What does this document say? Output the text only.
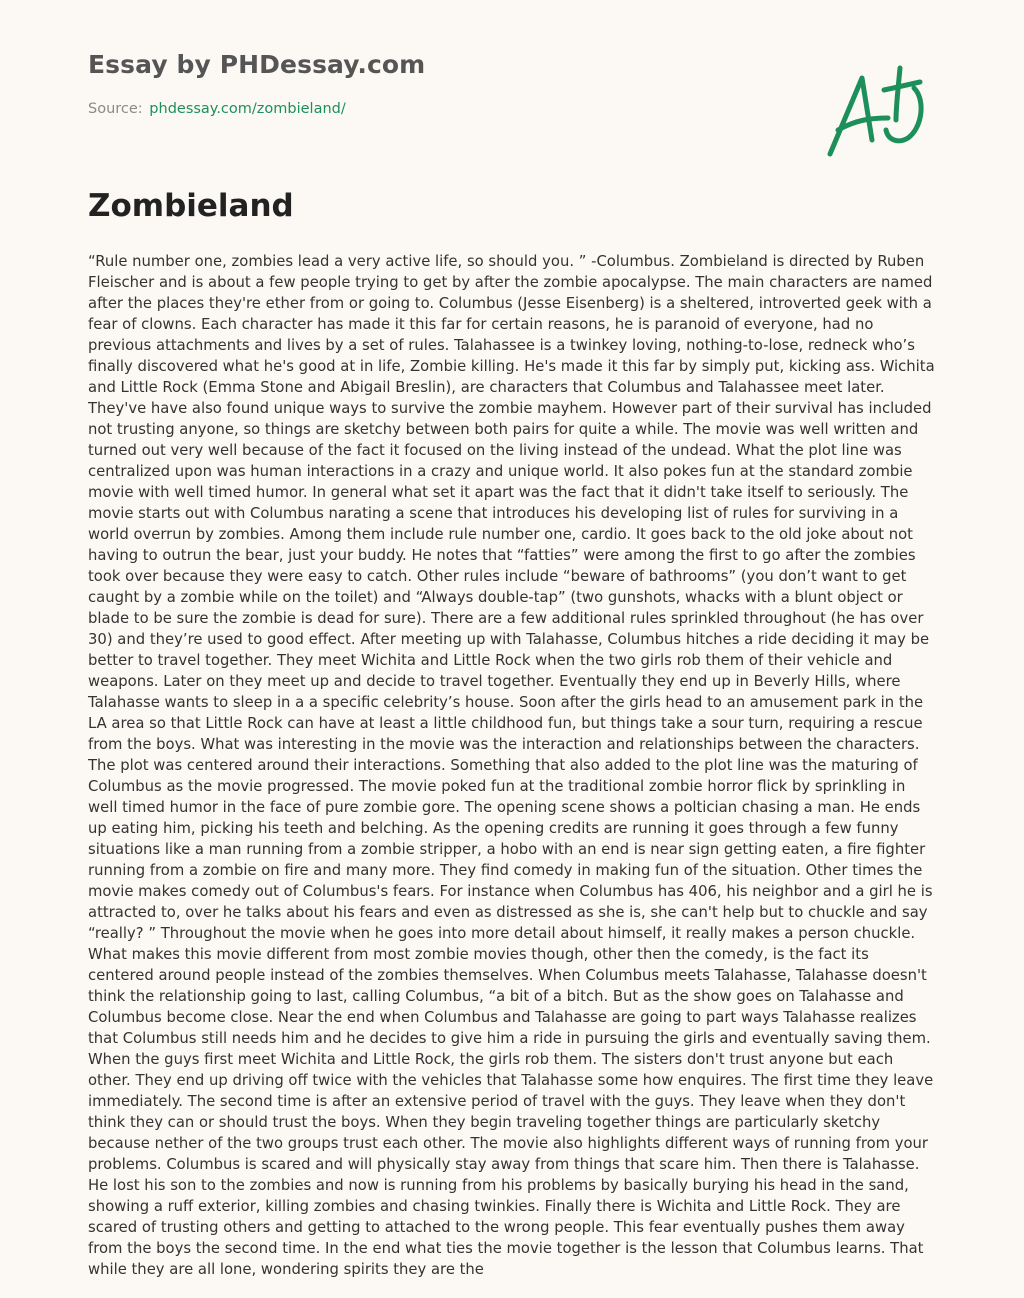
Essay by PHDessay.com
Source: phdessay.com/zombieland/
Zombieland

“Rule number one, zombies lead a very active life, so should you. ” -Columbus. Zombieland is directed by Ruben Fleischer and is about a few people trying to get by after the zombie apocalypse. The main characters are named after the places they're ether from or going to. Columbus (Jesse Eisenberg) is a sheltered, introverted geek with a fear of clowns. Each character has made it this far for certain reasons, he is paranoid of everyone, had no previous attachments and lives by a set of rules. Talahassee is a twinkey loving, nothing-to-lose, redneck who’s finally discovered what he's good at in life, Zombie killing. He's made it this far by simply put, kicking ass. Wichita and Little Rock (Emma Stone and Abigail Breslin), are characters that Columbus and Talahassee meet later. They've have also found unique ways to survive the zombie mayhem. However part of their survival has included not trusting anyone, so things are sketchy between both pairs for quite a while. The movie was well written and turned out very well because of the fact it focused on the living instead of the undead. What the plot line was centralized upon was human interactions in a crazy and unique world. It also pokes fun at the standard zombie movie with well timed humor. In general what set it apart was the fact that it didn't take itself to seriously. The movie starts out with Columbus narating a scene that introduces his developing list of rules for surviving in a world overrun by zombies. Among them include rule number one, cardio. It goes back to the old joke about not having to outrun the bear, just your buddy. He notes that “fatties” were among the first to go after the zombies took over because they were easy to catch. Other rules include “beware of bathrooms” (you don’t want to get caught by a zombie while on the toilet) and “Always double-tap” (two gunshots, whacks with a blunt object or blade to be sure the zombie is dead for sure). There are a few additional rules sprinkled throughout (he has over 30) and they’re used to good effect. After meeting up with Talahasse, Columbus hitches a ride deciding it may be better to travel together. They meet Wichita and Little Rock when the two girls rob them of their vehicle and weapons. Later on they meet up and decide to travel together. Eventually they end up in Beverly Hills, where Talahasse wants to sleep in a a specific celebrity’s house. Soon after the girls head to an amusement park in the LA area so that Little Rock can have at least a little childhood fun, but things take a sour turn, requiring a rescue from the boys. What was interesting in the movie was the interaction and relationships between the characters. The plot was centered around their interactions. Something that also added to the plot line was the maturing of Columbus as the movie progressed. The movie poked fun at the traditional zombie horror flick by sprinkling in well timed humor in the face of pure zombie gore. The opening scene shows a poltician chasing a man. He ends up eating him, picking his teeth and belching. As the opening credits are running it goes through a few funny situations like a man running from a zombie stripper, a hobo with an end is near sign getting eaten, a fire fighter running from a zombie on fire and many more. They find comedy in making fun of the situation. Other times the movie makes comedy out of Columbus's fears. For instance when Columbus has 406, his neighbor and a girl he is attracted to, over he talks about his fears and even as distressed as she is, she can't help but to chuckle and say “really? ” Throughout the movie when he goes into more detail about himself, it really makes a person chuckle. What makes this movie different from most zombie movies though, other then the comedy, is the fact its centered around people instead of the zombies themselves. When Columbus meets Talahasse, Talahasse doesn't think the relationship going to last, calling Columbus, “a bit of a bitch. But as the show goes on Talahasse and Columbus become close. Near the end when Columbus and Talahasse are going to part ways Talahasse realizes that Columbus still needs him and he decides to give him a ride in pursuing the girls and eventually saving them. When the guys first meet Wichita and Little Rock, the girls rob them. The sisters don't trust anyone but each other. They end up driving off twice with the vehicles that Talahasse some how enquires. The first time they leave immediately. The second time is after an extensive period of travel with the guys. They leave when they don't think they can or should trust the boys. When they begin traveling together things are particularly sketchy because nether of the two groups trust each other. The movie also highlights different ways of running from your problems. Columbus is scared and will physically stay away from things that scare him. Then there is Talahasse. He lost his son to the zombies and now is running from his problems by basically burying his head in the sand, showing a ruff exterior, killing zombies and chasing twinkies. Finally there is Wichita and Little Rock. They are scared of trusting others and getting to attached to the wrong people. This fear eventually pushes them away from the boys the second time. In the end what ties the movie together is the lesson that Columbus learns. That while they are all lone, wondering spirits they are the
